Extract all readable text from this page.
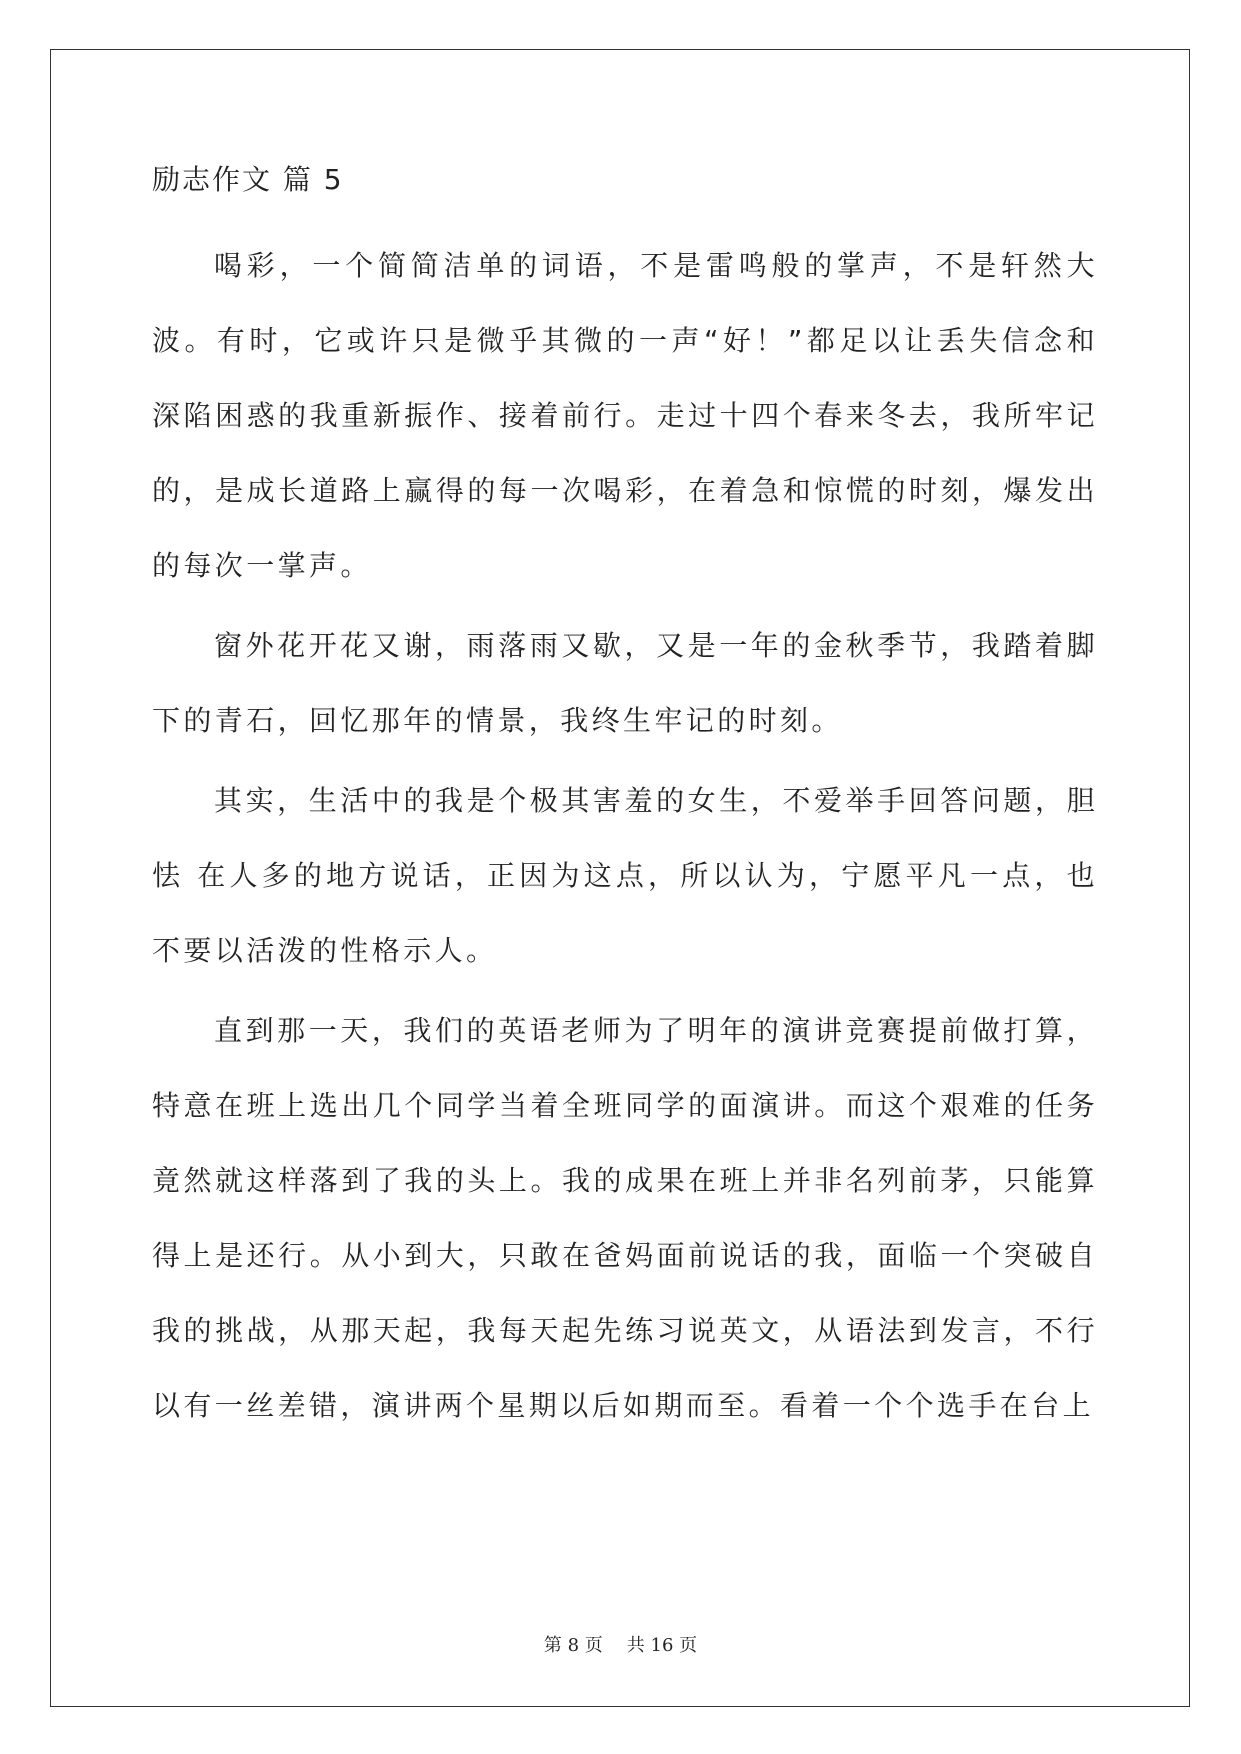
励志作文 篇 5

喝彩，一个简简洁单的词语，不是雷鸣般的掌声，不是轩然大波。有时，它或许只是微乎其微的一声“好！”都足以让丢失信念和深陷困惑的我重新振作、接着前行。走过十四个春来冬去，我所牢记的，是成长道路上赢得的每一次喝彩，在着急和惊慌的时刻，爆发出的每次一掌声。

窗外花开花又谢，雨落雨又歇，又是一年的金秋季节，我踏着脚下的青石，回忆那年的情景，我终生牢记的时刻。

其实，生活中的我是个极其害羞的女生，不爱举手回答问题，胆怯 在人多的地方说话，正因为这点，所以认为，宁愿平凡一点，也不要以活泼的性格示人。

直到那一天，我们的英语老师为了明年的演讲竞赛提前做打算，特意在班上选出几个同学当着全班同学的面演讲。而这个艰难的任务竟然就这样落到了我的头上。我的成果在班上并非名列前茅，只能算得上是还行。从小到大，只敢在爸妈面前说话的我，面临一个突破自我的挑战，从那天起，我每天起先练习说英文，从语法到发言，不行以有一丝差错，演讲两个星期以后如期而至。看着一个个选手在台上

第 8 页 共 16 页
